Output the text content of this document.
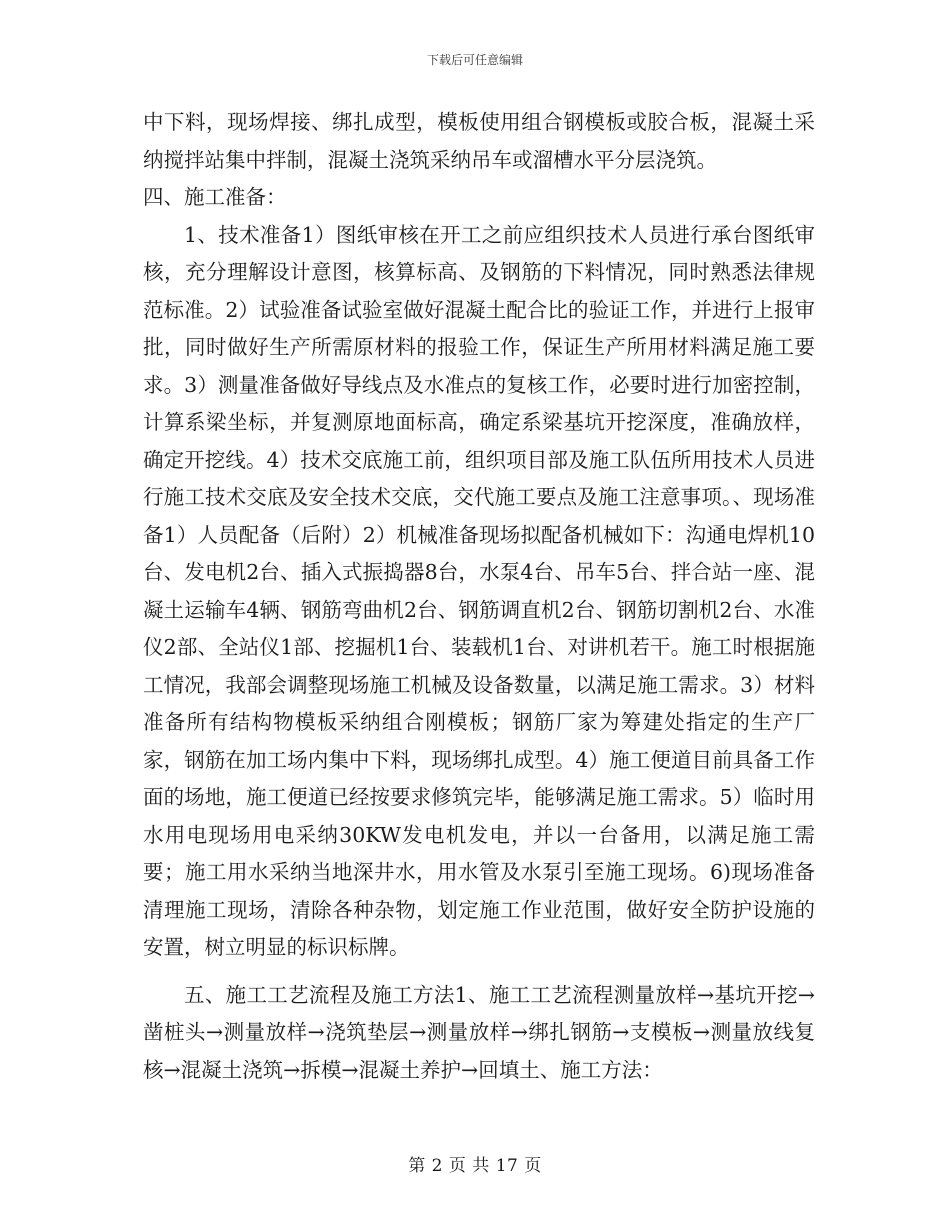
下载后可任意编辑

中下料，现场焊接、绑扎成型，模板使用组合钢模板或胶合板，混凝土采纳搅拌站集中拌制，混凝土浇筑采纳吊车或溜槽水平分层浇筑。

四、施工准备：

1、技术准备1）图纸审核在开工之前应组织技术人员进行承台图纸审核，充分理解设计意图，核算标高、及钢筋的下料情况，同时熟悉法律规范标准。2）试验准备试验室做好混凝土配合比的验证工作，并进行上报审批，同时做好生产所需原材料的报验工作，保证生产所用材料满足施工要求。3）测量准备做好导线点及水准点的复核工作，必要时进行加密控制，计算系梁坐标，并复测原地面标高，确定系梁基坑开挖深度，准确放样，确定开挖线。4）技术交底施工前，组织项目部及施工队伍所用技术人员进行施工技术交底及安全技术交底，交代施工要点及施工注意事项。、现场准备1）人员配备（后附）2）机械准备现场拟配备机械如下：沟通电焊机10台、发电机2台、插入式振捣器8台，水泵4台、吊车5台、拌合站一座、混凝土运输车4辆、钢筋弯曲机2台、钢筋调直机2台、钢筋切割机2台、水准仪2部、全站仪1部、挖掘机1台、装载机1台、对讲机若干。施工时根据施工情况，我部会调整现场施工机械及设备数量，以满足施工需求。3）材料准备所有结构物模板采纳组合刚模板；钢筋厂家为筹建处指定的生产厂家，钢筋在加工场内集中下料，现场绑扎成型。4）施工便道目前具备工作面的场地，施工便道已经按要求修筑完毕，能够满足施工需求。5）临时用水用电现场用电采纳30KW发电机发电，并以一台备用，以满足施工需要；施工用水采纳当地深井水，用水管及水泵引至施工现场。6)现场准备清理施工现场，清除各种杂物，划定施工作业范围，做好安全防护设施的安置，树立明显的标识标牌。

五、施工工艺流程及施工方法1、施工工艺流程测量放样→基坑开挖→凿桩头→测量放样→浇筑垫层→测量放样→绑扎钢筋→支模板→测量放线复核→混凝土浇筑→拆模→混凝土养护→回填土、施工方法：

第 2 页 共 17 页
